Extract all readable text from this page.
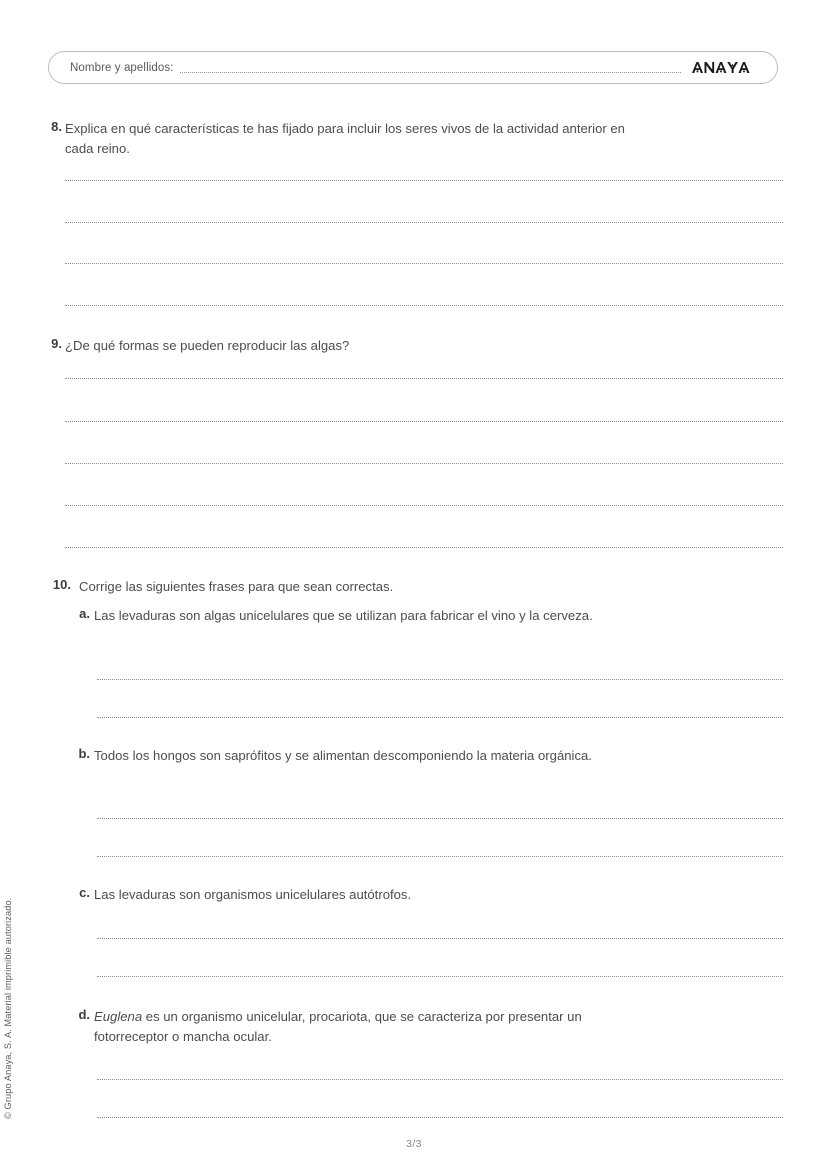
Nombre y apellidos:
8. Explica en qué características te has fijado para incluir los seres vivos de la actividad anterior en cada reino.
9. ¿De qué formas se pueden reproducir las algas?
10. Corrige las siguientes frases para que sean correctas.
a. Las levaduras son algas unicelulares que se utilizan para fabricar el vino y la cerveza.
b. Todos los hongos son saprófitos y se alimentan descomponiendo la materia orgánica.
c. Las levaduras son organismos unicelulares autótrofos.
d. Euglena es un organismo unicelular, procariota, que se caracteriza por presentar un fotorreceptor o mancha ocular.
© Grupo Anaya, S. A. Material imprimible autorizado.
3/3
